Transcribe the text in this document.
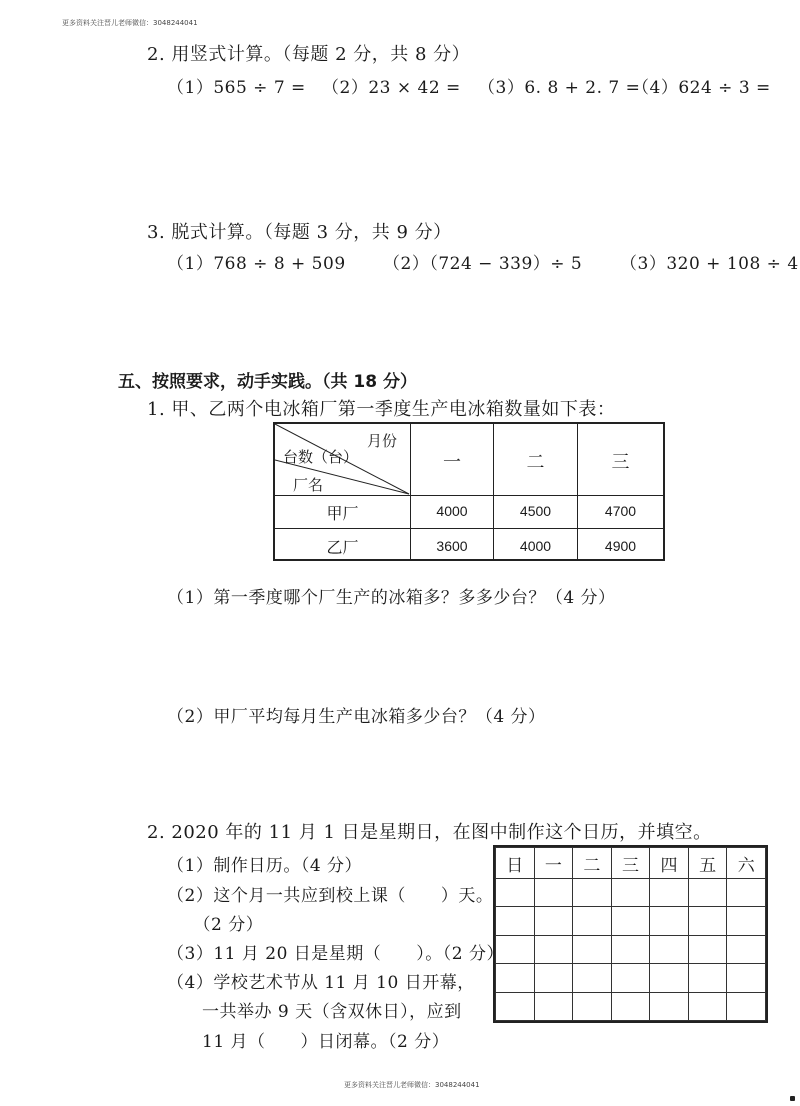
更多资料关注晋儿老师微信：3048244041
2. 用竖式计算。（每题 2 分，共 8 分）
（1）565 ÷ 7 = （2）23 × 42 = （3）6. 8 + 2. 7 =
（4）624 ÷ 3 =
3. 脱式计算。（每题 3 分，共 9 分）
（1）768 ÷ 8 + 509 （2）（724 − 339）÷ 5 （3）320 + 108 ÷ 4
五、按照要求，动手实践。（共 18 分）
1. 甲、乙两个电冰箱厂第一季度生产电冰箱数量如下表：
月份
台数（台）
厂名
一	二	三
甲厂	4000	4500	4700
乙厂	3600	4000	4900
（1）第一季度哪个厂生产的冰箱多？多多少台？（4 分）
（2）甲厂平均每月生产电冰箱多少台？（4 分）
2. 2020 年的 11 月 1 日是星期日，在图中制作这个日历，并填空。
（1）制作日历。（4 分）
（2）这个月一共应到校上课（　　）天。
　　（2 分）
（3）11 月 20 日是星期（　　）。（2 分）
（4）学校艺术节从 11 月 10 日开幕，
　　一共举办 9 天（含双休日），应到
　　11 月（　　）日闭幕。（2 分）
日	一	二	三	四	五	六

更多资料关注晋儿老师微信：3048244041
